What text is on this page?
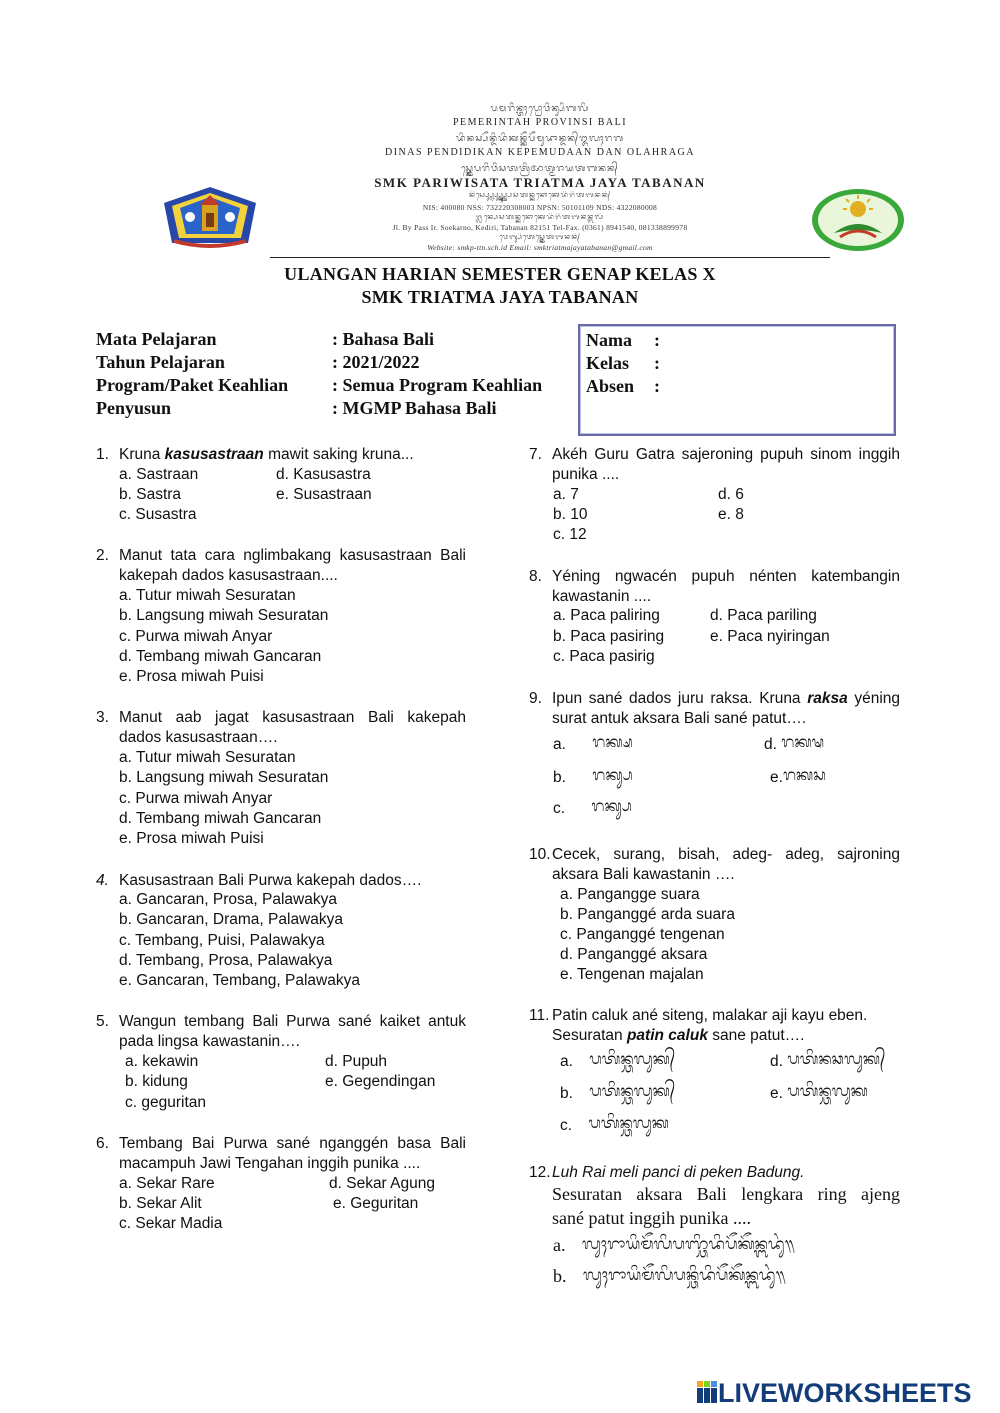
ᬧᬫᬭᬶᬦ᭄ᬢᬄᬧ᭄ᬭᭀᬯᬶᬦ᭄ᬲᬶᬩᬮᬶ
PEMERINTAH PROVINSI BALI
ᬤᬶᬦᬲ᭄ᬧᭂᬦ᭄ᬤᬶᬤᬶᬓᬦ᭄ᬓᭂᬧᭂᬫᬸᬤᬵᬦ᭄ᬤᬦ᭄ᬑᬮᬄᬭᬕ
DINAS PENDIDIKAN KEPEMUDAAN DAN OLAHRAGA
ᬲ᭄ᬫ᭄ᬓᬾᬧᬭᬶᬯᬶᬲᬢᬢ᭄ᬭᬶᬆᬢ᭄ᬫᬚᬬᬢᬩᬦᬦ᭄
SMK PARIWISATA TRIATMA JAYA TABANAN
ᬦᬶᬲ᭄ᬧ᭄ᬲ᭄ᬦ᭄ᬧ᭄ᬲ᭄ᬦ᭄ᬦ᭄ᬤ᭄ᬲ᭄ᬚ᭄ᬮ᭄ᬧᬾᬲᬢᬦ᭄ᬓᬦᭀᬓᬾᬤᬶᬭᬶᬢᬩᬦᬦ᭄
NIS: 400080 NSS: 732220308003 NPSN: 50101109 NDS: 4322080008
ᬚ᭄ᬮᬦ᭄ᬧᬾᬲᬢᬦ᭄ᬓᬦᭀᬓᬾᬤᬶᬭᬶᬢᬩᬦᬦ᭄ᬩᬮᬶ
Jl. By Pass Ir. Soekarno, Kediri, Tabanan 82151 Tel-Fax. (0361) 8941540, 081338899978
ᬯᬾᬩ᭄ᬲᬶᬢᬾᬲ᭄ᬫ᭄ᬓᬾᬢᬩᬦᬦ᭄
Website: smkp-ttn.sch.id Email: smktriatmajayatabanan@gmail.com
ULANGAN HARIAN SEMESTER GENAP KELAS X
SMK TRIATMA JAYA TABANAN
Mata Pelajaran	: Bahasa Bali
Tahun Pelajaran	: 2021/2022
Program/Paket Keahlian	: Semua Program Keahlian
Penyusun	: MGMP Bahasa Bali
Nama :
Kelas :
Absen :
1. Kruna kasusastraan mawit saking kruna...
a. Sastraan
b. Sastra
c. Susastra
d. Kasusastra
e. Susastraan
2. Manut tata cara nglimbakang kasusastraan Bali kakepah dados kasusastraan....
a. Tutur miwah Sesuratan
b. Langsung miwah Sesuratan
c. Purwa miwah Anyar
d. Tembang miwah Gancaran
e. Prosa miwah Puisi
3. Manut aab jagat kasusastraan Bali kakepah dados kasusastraan….
a. Tutur miwah Sesuratan
b. Langsung miwah Sesuratan
c. Purwa miwah Anyar
d. Tembang miwah Gancaran
e. Prosa miwah Puisi
4. Kasusastraan Bali Purwa kakepah dados….
a. Gancaran, Prosa, Palawakya
b. Gancaran, Drama, Palawakya
c. Tembang, Puisi, Palawakya
d. Tembang, Prosa, Palawakya
e. Gancaran, Tembang, Palawakya
5. Wangun tembang Bali Purwa sané kaiket antuk pada lingsa kawastanin….
a. kekawin
b. kidung
c. geguritan
d. Pupuh
e. Gegendingan
6. Tembang Bai Purwa sané nganggén basa Bali macampuh Jawi Tengahan inggih punika ....
a. Sekar Rare
b. Sekar Alit
c. Sekar Madia
d. Sekar Agung
e. Geguritan
7. Akéh Guru Gatra sajeroning pupuh sinom inggih punika ....
a. 7
b. 10
c. 12
d. 6
e. 8
8. Yéning ngwacén pupuh nénten katembangin kawastanin ....
a. Paca paliring
b. Paca pasiring
c. Paca pasirig
d. Paca pariling
e. Paca nyiringan
9. Ipun sané dados juru raksa. Kruna raksa yéning surat antuk aksara Bali sané patut….
a. ᬭᬓ᭄ᬱ
b. ᬭᬓ᭄ᬲ
c. ᬭᬓ᭄ᬲ
d. ᬭᬓᬱ
e.ᬭᬓᬲ
10. Cecek, surang, bisah, adeg- adeg, sajroning aksara Bali kawastanin ….
a. Pangangge suara
b. Panganggé arda suara
c. Panganggé tengenan
d. Panganggé aksara
e. Tengenan majalan
11. Patin caluk ané siteng, malakar aji kayu eben.
Sesuratan patin caluk sane patut….
a. ᬧᬢᬶᬦ᭄ᬘᬮᬸᬓ᭄
b. ᬧᬢᬶᬦ᭄ᬘᬮᬸᬓ᭄
c. ᬧᬢᬶᬦ᭄ᬘᬮᬸᬓ
d. ᬧᬢᬶᬦᬘᬮᬸᬓ᭄
e. ᬧᬢᬶᬦ᭄ᬘᬮᬸᬓ
12. Luh Rai meli panci di peken Badung.
Sesuratan aksara Bali lengkara ring ajeng
sané patut inggih punika ....
a. ᬮᬸᬄᬭᬵᬬᬶᬫᭂᬮᬶᬧᬜ᭄ᬘᬶᬤᬶᬧᭂᬓᭂᬦ᭄ᬩᬤᬸᬂ᭟
b. ᬮᬸᬄᬭᬵᬬᬶᬫᭂᬮᬶᬧᬦ᭄ᬘᬶᬤᬶᬧᭂᬓᭂᬦ᭄ᬩᬤᬸᬂ᭟
LIVEWORKSHEETS
